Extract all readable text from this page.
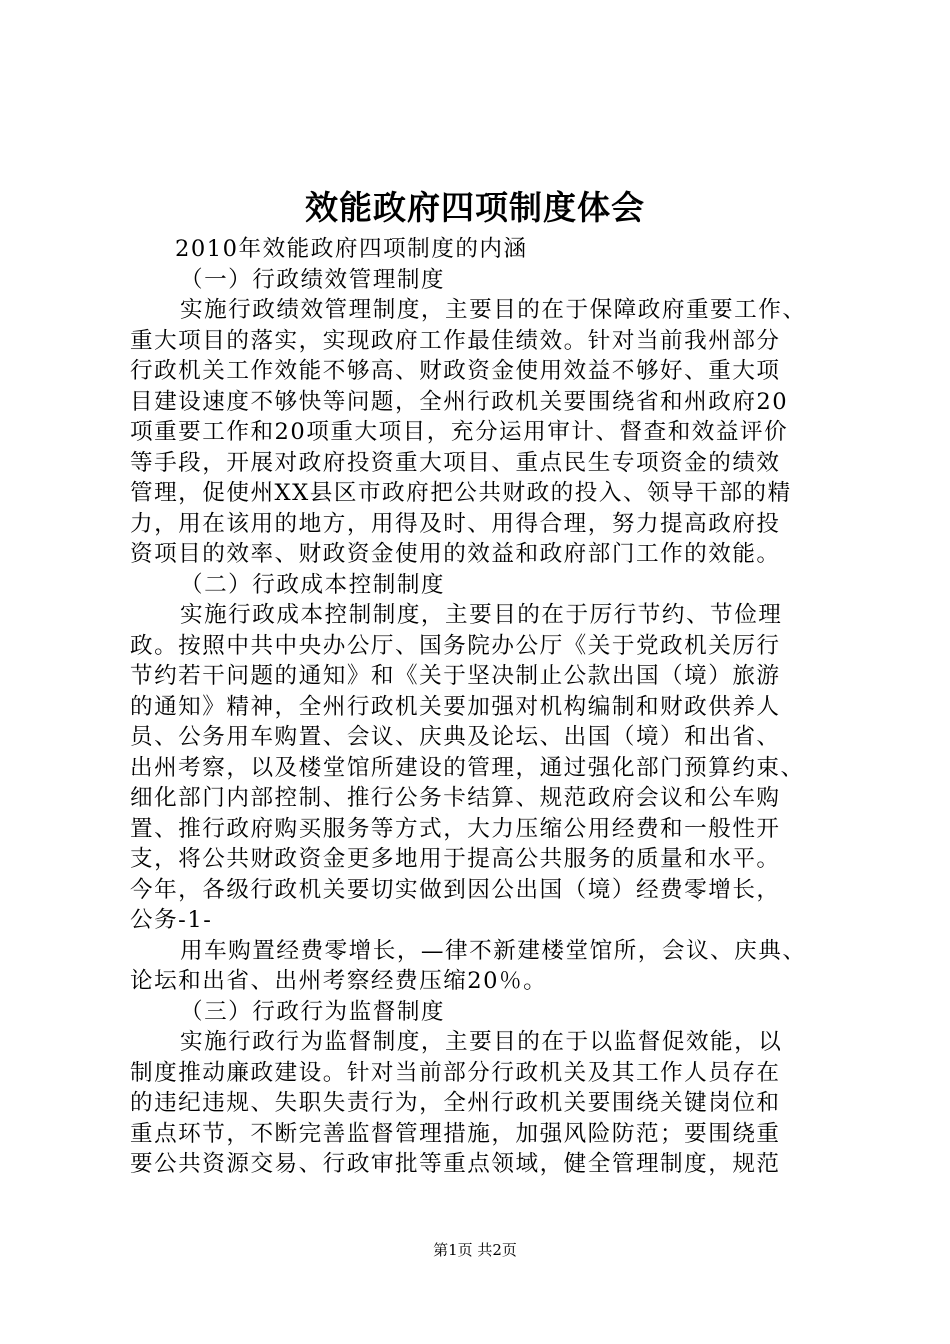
效能政府四项制度体会
2010年效能政府四项制度的内涵
（一）行政绩效管理制度
实施行政绩效管理制度，主要目的在于保障政府重要工作、
重大项目的落实，实现政府工作最佳绩效。针对当前我州部分
行政机关工作效能不够高、财政资金使用效益不够好、重大项
目建设速度不够快等问题，全州行政机关要围绕省和州政府20
项重要工作和20项重大项目，充分运用审计、督查和效益评价
等手段，开展对政府投资重大项目、重点民生专项资金的绩效
管理，促使州XX县区市政府把公共财政的投入、领导干部的精
力，用在该用的地方，用得及时、用得合理，努力提高政府投
资项目的效率、财政资金使用的效益和政府部门工作的效能。
（二）行政成本控制制度
实施行政成本控制制度，主要目的在于厉行节约、节俭理
政。按照中共中央办公厅、国务院办公厅《关于党政机关厉行
节约若干问题的通知》和《关于坚决制止公款出国（境）旅游
的通知》精神，全州行政机关要加强对机构编制和财政供养人
员、公务用车购置、会议、庆典及论坛、出国（境）和出省、
出州考察，以及楼堂馆所建设的管理，通过强化部门预算约束、
细化部门内部控制、推行公务卡结算、规范政府会议和公车购
置、推行政府购买服务等方式，大力压缩公用经费和一般性开
支，将公共财政资金更多地用于提高公共服务的质量和水平。
今年，各级行政机关要切实做到因公出国（境）经费零增长，
公务-1-
用车购置经费零增长，—律不新建楼堂馆所，会议、庆典、
论坛和出省、出州考察经费压缩20％。
（三）行政行为监督制度
实施行政行为监督制度，主要目的在于以监督促效能，以
制度推动廉政建设。针对当前部分行政机关及其工作人员存在
的违纪违规、失职失责行为，全州行政机关要围绕关键岗位和
重点环节，不断完善监督管理措施，加强风险防范；要围绕重
要公共资源交易、行政审批等重点领域，健全管理制度，规范
第1页 共2页
